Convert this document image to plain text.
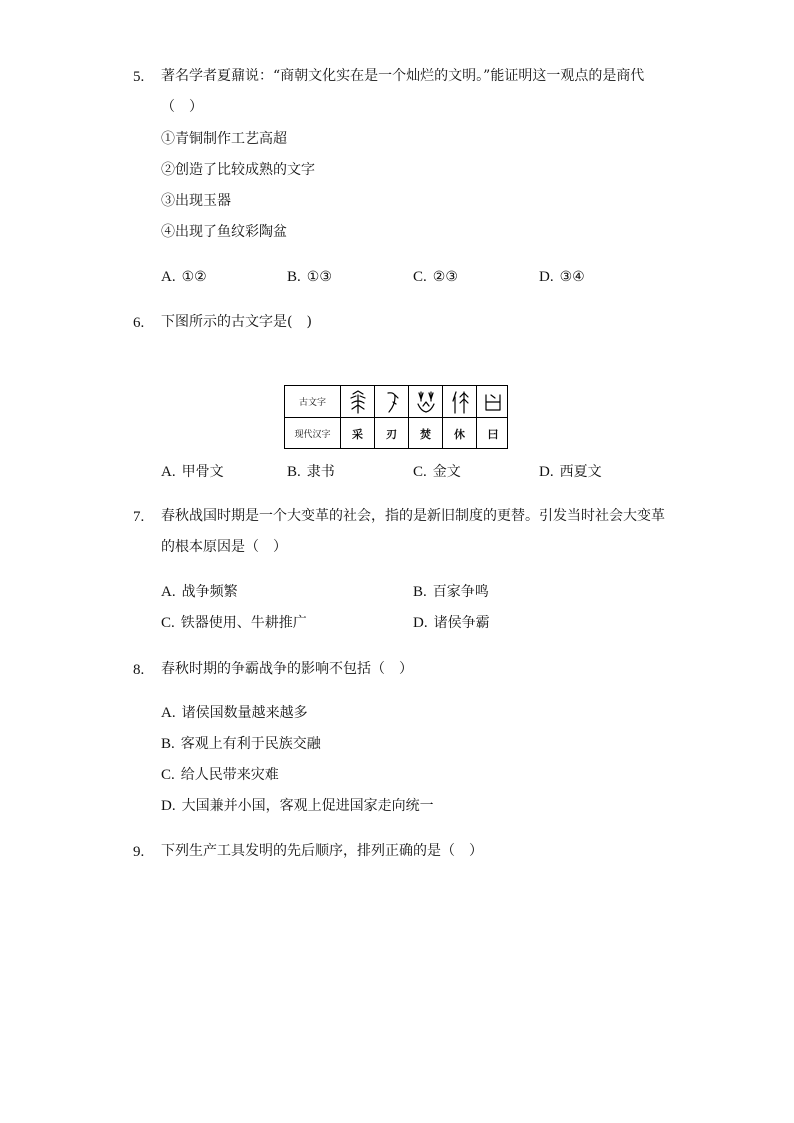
5. 著名学者夏鼐说：“商朝文化实在是一个灿烂的文明。”能证明这一观点的是商代
（　）
①青铜制作工艺高超
②创造了比较成熟的文字
③出现玉器
④出现了鱼纹彩陶盆
A. ①②	B. ①③	C. ②③	D. ③④
6. 下图所示的古文字是(　)
古文字
现代汉字 采 刃 焚 休 曰
A. 甲骨文	B. 隶书	C. 金文	D. 西夏文
7. 春秋战国时期是一个大变革的社会，指的是新旧制度的更替。引发当时社会大变革
的根本原因是（　）
A. 战争频繁	B. 百家争鸣
C. 铁器使用、牛耕推广	D. 诸侯争霸
8. 春秋时期的争霸战争的影响不包括（　）
A. 诸侯国数量越来越多
B. 客观上有利于民族交融
C. 给人民带来灾难
D. 大国兼并小国，客观上促进国家走向统一
9. 下列生产工具发明的先后顺序，排列正确的是（　）
